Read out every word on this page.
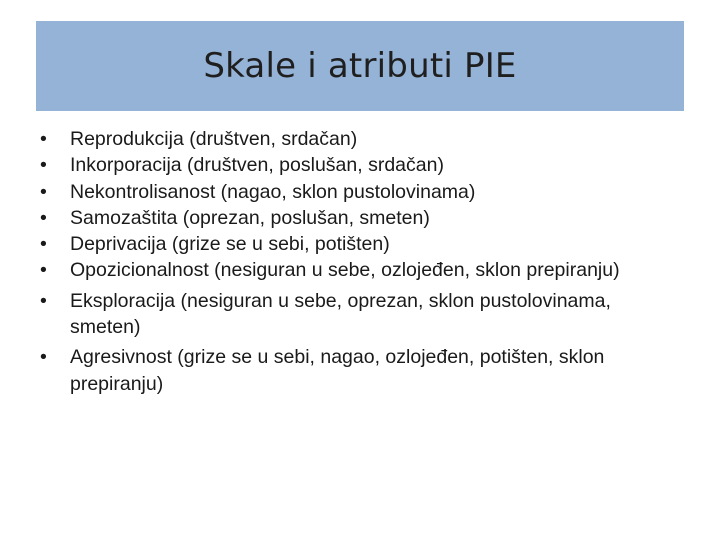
Skale i atributi PIE
•	Reprodukcija (društven, srdačan)
•	Inkorporacija (društven, poslušan, srdačan)
•	Nekontrolisanost (nagao, sklon pustolovinama)
•	Samozaštita (oprezan, poslušan, smeten)
•	Deprivacija (grize se u sebi, potišten)
•	Opozicionalnost (nesiguran u sebe, ozlojeđen, sklon prepiranju)
•	Eksploracija (nesiguran u sebe, oprezan, sklon pustolovinama, smeten)
•	Agresivnost (grize se u sebi, nagao, ozlojeđen, potišten, sklon prepiranju)
